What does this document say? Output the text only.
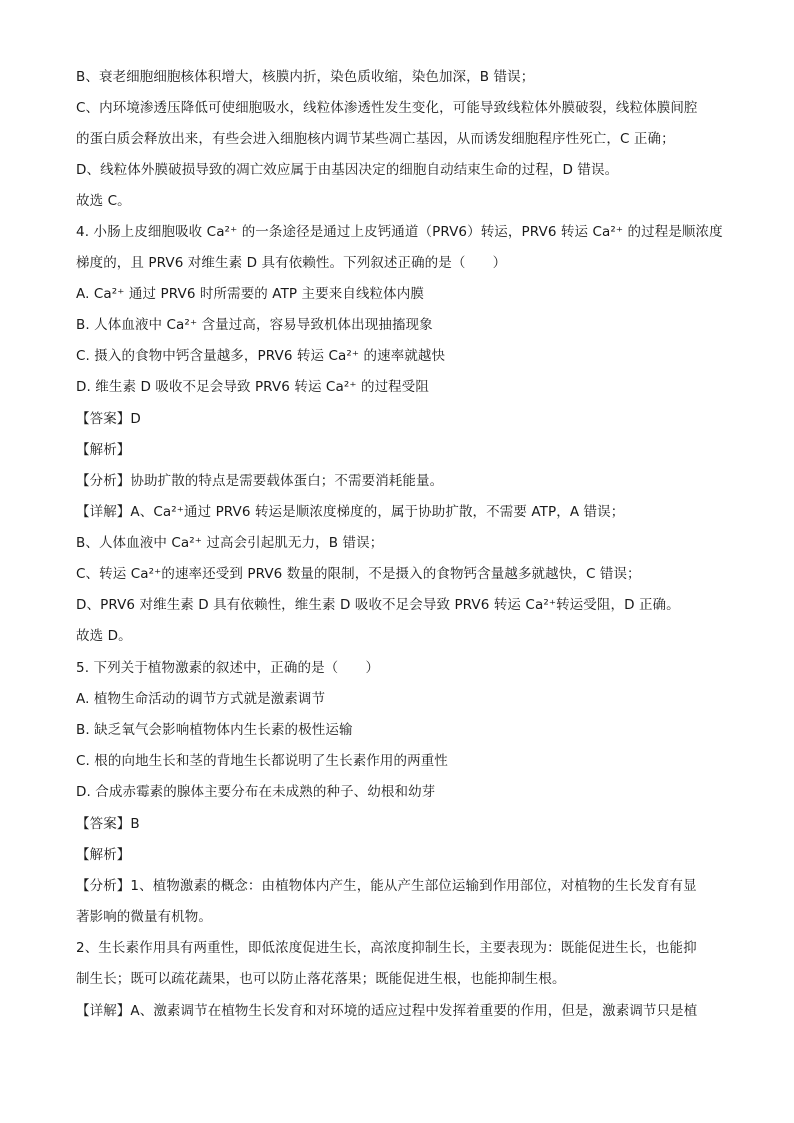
B、衰老细胞细胞核体积增大，核膜内折，染色质收缩，染色加深，B 错误；
C、内环境渗透压降低可使细胞吸水，线粒体渗透性发生变化，可能导致线粒体外膜破裂，线粒体膜间腔
的蛋白质会释放出来，有些会进入细胞核内调节某些凋亡基因，从而诱发细胞程序性死亡，C 正确；
D、线粒体外膜破损导致的凋亡效应属于由基因决定的细胞自动结束生命的过程，D 错误。
故选 C。
4. 小肠上皮细胞吸收 Ca²⁺ 的一条途径是通过上皮钙通道（PRV6）转运，PRV6 转运 Ca²⁺ 的过程是顺浓度
梯度的，且 PRV6 对维生素 D 具有依赖性。下列叙述正确的是（　　）
A. Ca²⁺ 通过 PRV6 时所需要的 ATP 主要来自线粒体内膜
B. 人体血液中 Ca²⁺ 含量过高，容易导致机体出现抽搐现象
C. 摄入的食物中钙含量越多，PRV6 转运 Ca²⁺ 的速率就越快
D. 维生素 D 吸收不足会导致 PRV6 转运 Ca²⁺ 的过程受阻
【答案】D
【解析】
【分析】协助扩散的特点是需要载体蛋白；不需要消耗能量。
【详解】A、Ca²⁺通过 PRV6 转运是顺浓度梯度的，属于协助扩散，不需要 ATP，A 错误；
B、人体血液中 Ca²⁺ 过高会引起肌无力，B 错误；
C、转运 Ca²⁺的速率还受到 PRV6 数量的限制，不是摄入的食物钙含量越多就越快，C 错误；
D、PRV6 对维生素 D 具有依赖性，维生素 D 吸收不足会导致 PRV6 转运 Ca²⁺转运受阻，D 正确。
故选 D。
5. 下列关于植物激素的叙述中，正确的是（　　）
A. 植物生命活动的调节方式就是激素调节
B. 缺乏氧气会影响植物体内生长素的极性运输
C. 根的向地生长和茎的背地生长都说明了生长素作用的两重性
D. 合成赤霉素的腺体主要分布在未成熟的种子、幼根和幼芽
【答案】B
【解析】
【分析】1、植物激素的概念：由植物体内产生，能从产生部位运输到作用部位，对植物的生长发育有显
著影响的微量有机物。
2、生长素作用具有两重性，即低浓度促进生长，高浓度抑制生长，主要表现为：既能促进生长，也能抑
制生长；既可以疏花蔬果，也可以防止落花落果；既能促进生根，也能抑制生根。
【详解】A、激素调节在植物生长发育和对环境的适应过程中发挥着重要的作用，但是，激素调节只是植
